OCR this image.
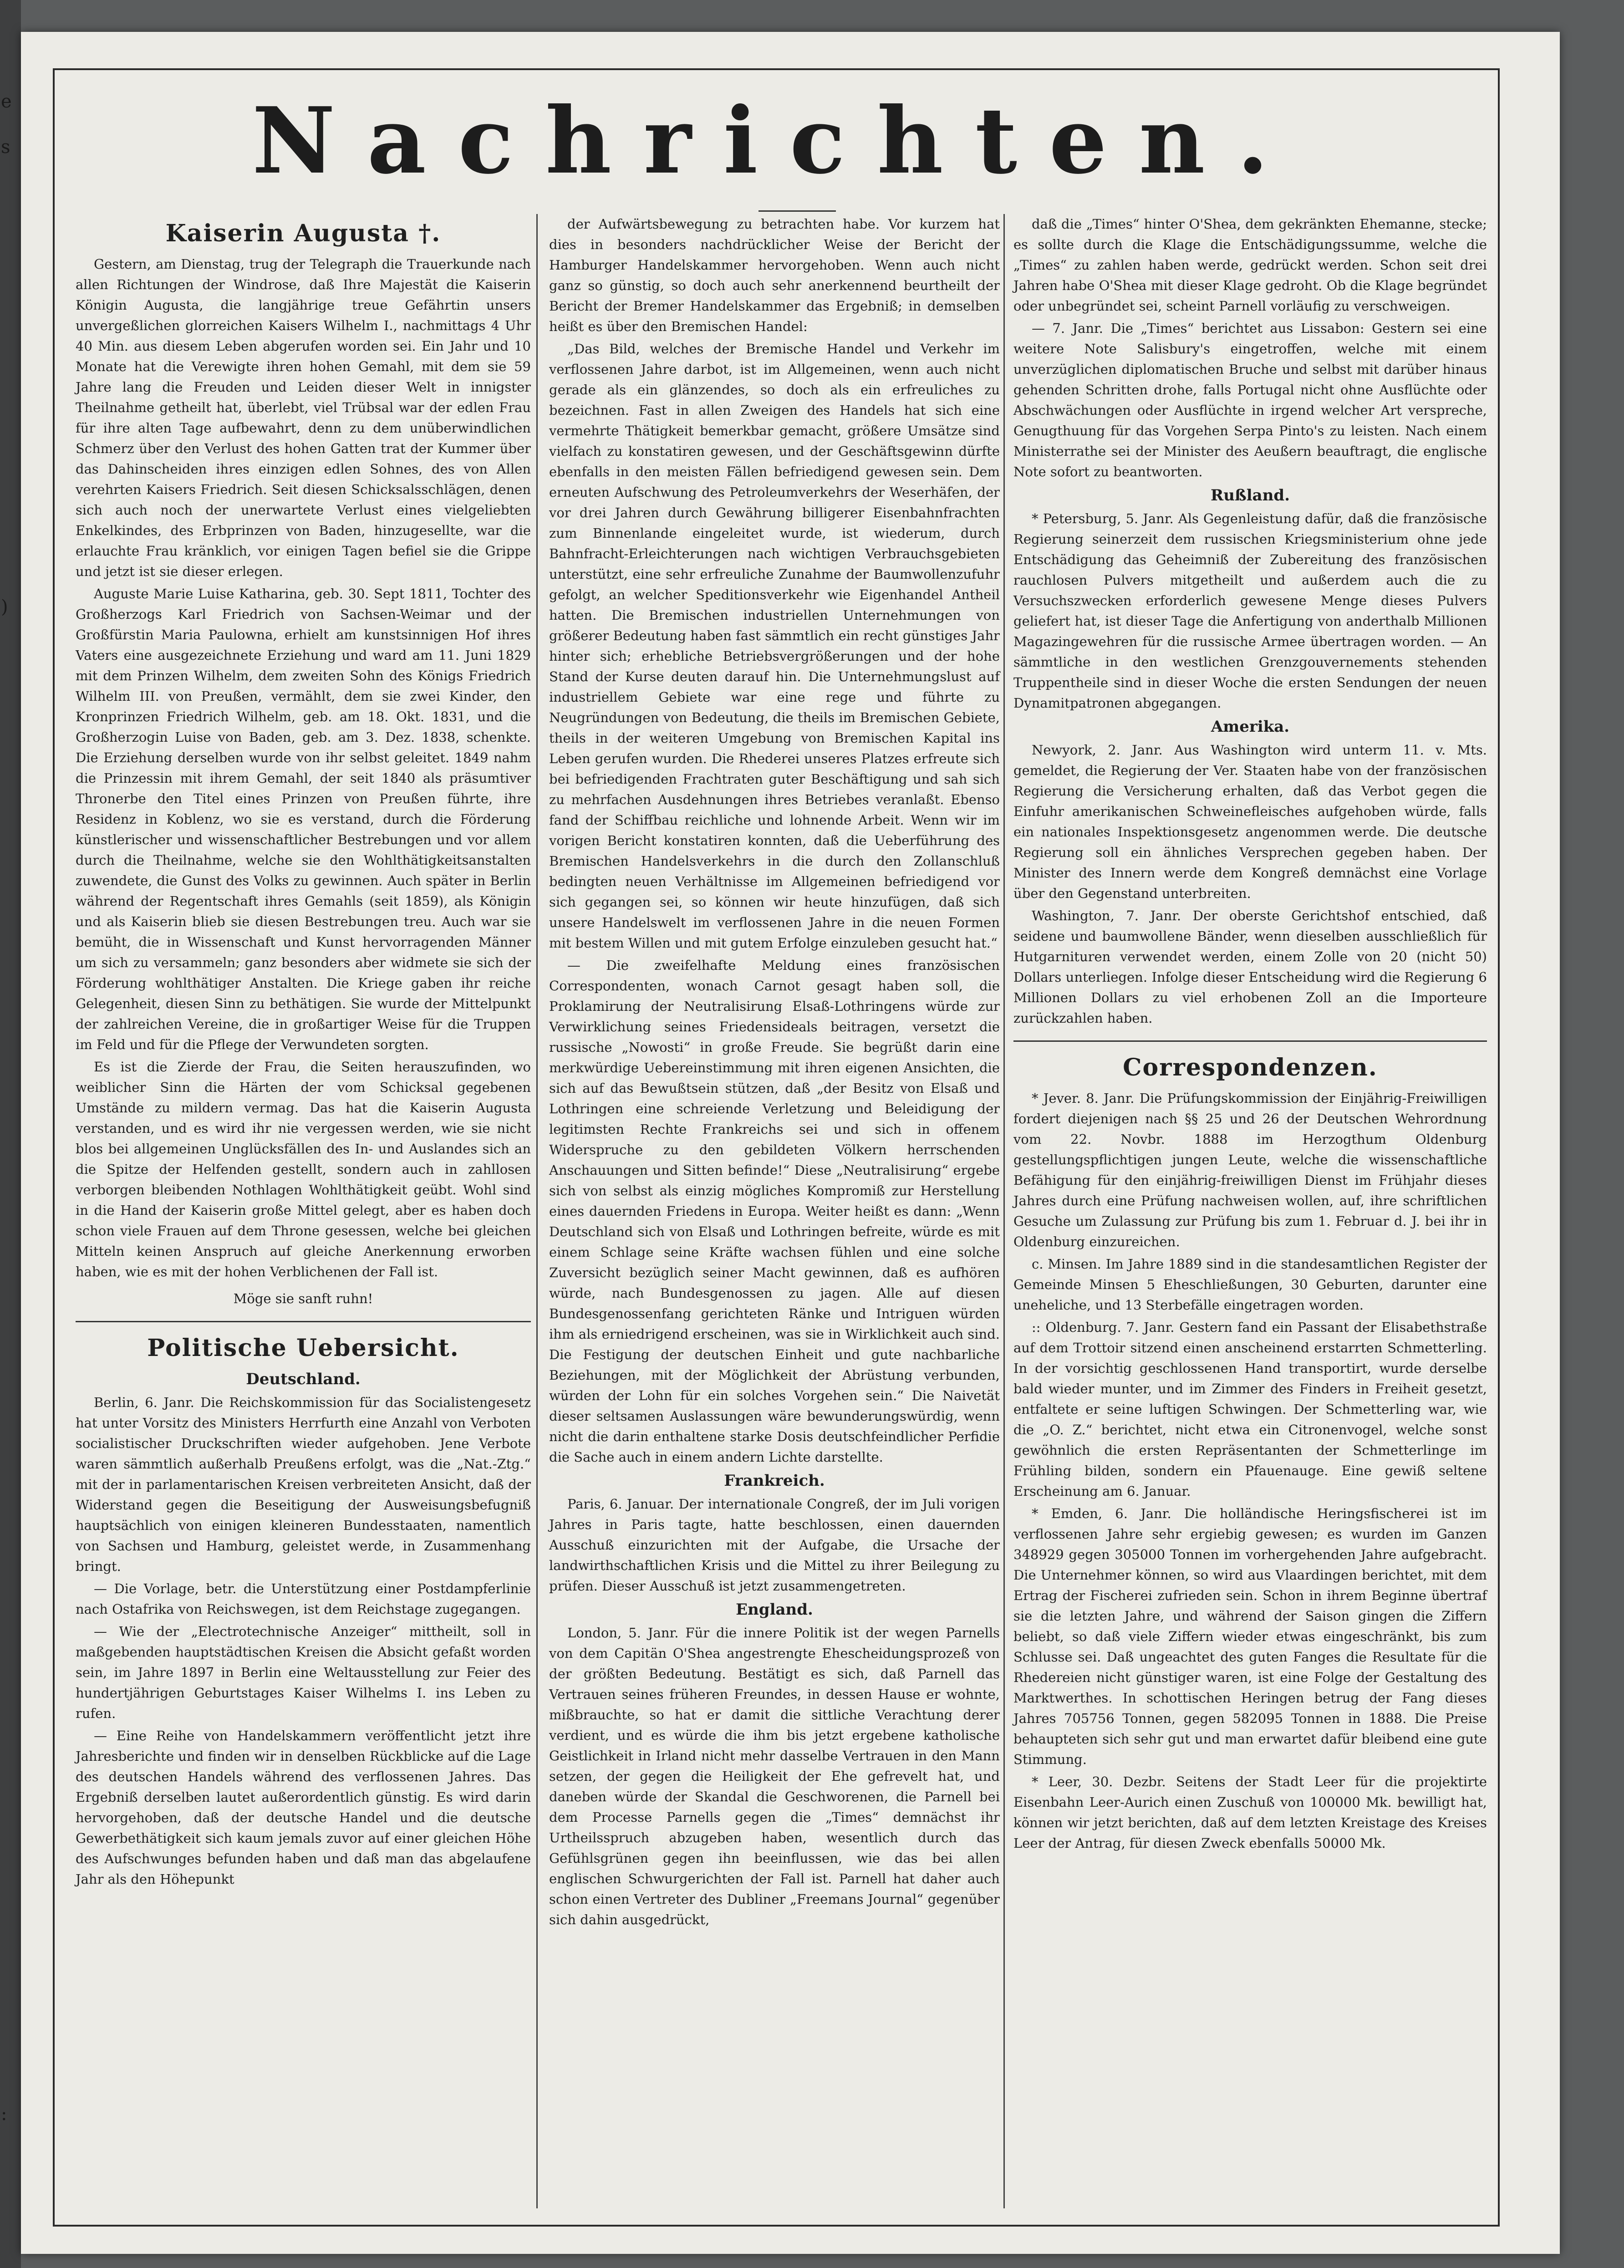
e
s
)
:
Nachrichten.
Kaiserin Augusta †.

Gestern, am Dienstag, trug der Telegraph die Trauerkunde nach allen Richtungen der Windrose, daß Ihre Majestät die Kaiserin Königin Augusta, die langjährige treue Gefährtin unsers unvergeßlichen glorreichen Kaisers Wilhelm I., nachmittags 4 Uhr 40 Min. aus diesem Leben abgerufen worden sei. Ein Jahr und 10 Monate hat die Verewigte ihren hohen Gemahl, mit dem sie 59 Jahre lang die Freuden und Leiden dieser Welt in innigster Theilnahme getheilt hat, überlebt, viel Trübsal war der edlen Frau für ihre alten Tage aufbewahrt, denn zu dem unüberwindlichen Schmerz über den Verlust des hohen Gatten trat der Kummer über das Dahinscheiden ihres einzigen edlen Sohnes, des von Allen verehrten Kaisers Friedrich. Seit diesen Schicksalsschlägen, denen sich auch noch der unerwartete Verlust eines vielgeliebten Enkelkindes, des Erbprinzen von Baden, hinzugesellte, war die erlauchte Frau kränklich, vor einigen Tagen befiel sie die Grippe und jetzt ist sie dieser erlegen.

Auguste Marie Luise Katharina, geb. 30. Sept 1811, Tochter des Großherzogs Karl Friedrich von Sachsen-Weimar und der Großfürstin Maria Paulowna, erhielt am kunstsinnigen Hof ihres Vaters eine ausgezeichnete Erziehung und ward am 11. Juni 1829 mit dem Prinzen Wilhelm, dem zweiten Sohn des Königs Friedrich Wilhelm III. von Preußen, vermählt, dem sie zwei Kinder, den Kronprinzen Friedrich Wilhelm, geb. am 18. Okt. 1831, und die Großherzogin Luise von Baden, geb. am 3. Dez. 1838, schenkte. Die Erziehung derselben wurde von ihr selbst geleitet. 1849 nahm die Prinzessin mit ihrem Gemahl, der seit 1840 als präsumtiver Thronerbe den Titel eines Prinzen von Preußen führte, ihre Residenz in Koblenz, wo sie es verstand, durch die Förderung künstlerischer und wissenschaftlicher Bestrebungen und vor allem durch die Theilnahme, welche sie den Wohlthätigkeitsanstalten zuwendete, die Gunst des Volks zu gewinnen. Auch später in Berlin während der Regentschaft ihres Gemahls (seit 1859), als Königin und als Kaiserin blieb sie diesen Bestrebungen treu. Auch war sie bemüht, die in Wissenschaft und Kunst hervorragenden Männer um sich zu versammeln; ganz besonders aber widmete sie sich der Förderung wohlthätiger Anstalten. Die Kriege gaben ihr reiche Gelegenheit, diesen Sinn zu bethätigen. Sie wurde der Mittelpunkt der zahlreichen Vereine, die in großartiger Weise für die Truppen im Feld und für die Pflege der Verwundeten sorgten.

Es ist die Zierde der Frau, die Seiten herauszufinden, wo weiblicher Sinn die Härten der vom Schicksal gegebenen Umstände zu mildern vermag. Das hat die Kaiserin Augusta verstanden, und es wird ihr nie vergessen werden, wie sie nicht blos bei allgemeinen Unglücksfällen des In- und Auslandes sich an die Spitze der Helfenden gestellt, sondern auch in zahllosen verborgen bleibenden Nothlagen Wohlthätigkeit geübt. Wohl sind in die Hand der Kaiserin große Mittel gelegt, aber es haben doch schon viele Frauen auf dem Throne gesessen, welche bei gleichen Mitteln keinen Anspruch auf gleiche Anerkennung erworben haben, wie es mit der hohen Verblichenen der Fall ist.

Möge sie sanft ruhn!

Politische Uebersicht.
Deutschland.

Berlin, 6. Janr. Die Reichskommission für das Socialistengesetz hat unter Vorsitz des Ministers Herrfurth eine Anzahl von Verboten socialistischer Druckschriften wieder aufgehoben. Jene Verbote waren sämmtlich außerhalb Preußens erfolgt, was die „Nat.-Ztg.“ mit der in parlamentarischen Kreisen verbreiteten Ansicht, daß der Widerstand gegen die Beseitigung der Ausweisungsbefugniß hauptsächlich von einigen kleineren Bundesstaaten, namentlich von Sachsen und Hamburg, geleistet werde, in Zusammenhang bringt.

— Die Vorlage, betr. die Unterstützung einer Postdampferlinie nach Ostafrika von Reichswegen, ist dem Reichstage zugegangen.

— Wie der „Electrotechnische Anzeiger“ mittheilt, soll in maßgebenden hauptstädtischen Kreisen die Absicht gefaßt worden sein, im Jahre 1897 in Berlin eine Weltausstellung zur Feier des hundertjährigen Geburtstages Kaiser Wilhelms I. ins Leben zu rufen.

— Eine Reihe von Handelskammern veröffentlicht jetzt ihre Jahresberichte und finden wir in denselben Rückblicke auf die Lage des deutschen Handels während des verflossenen Jahres. Das Ergebniß derselben lautet außerordentlich günstig. Es wird darin hervorgehoben, daß der deutsche Handel und die deutsche Gewerbethätigkeit sich kaum jemals zuvor auf einer gleichen Höhe des Aufschwunges befunden haben und daß man das abgelaufene Jahr als den Höhepunkt

der Aufwärtsbewegung zu betrachten habe. Vor kurzem hat dies in besonders nachdrücklicher Weise der Bericht der Hamburger Handelskammer hervorgehoben. Wenn auch nicht ganz so günstig, so doch auch sehr anerkennend beurtheilt der Bericht der Bremer Handelskammer das Ergebniß; in demselben heißt es über den Bremischen Handel:

„Das Bild, welches der Bremische Handel und Verkehr im verflossenen Jahre darbot, ist im Allgemeinen, wenn auch nicht gerade als ein glänzendes, so doch als ein erfreuliches zu bezeichnen. Fast in allen Zweigen des Handels hat sich eine vermehrte Thätigkeit bemerkbar gemacht, größere Umsätze sind vielfach zu konstatiren gewesen, und der Geschäftsgewinn dürfte ebenfalls in den meisten Fällen befriedigend gewesen sein. Dem erneuten Aufschwung des Petroleumverkehrs der Weserhäfen, der vor drei Jahren durch Gewährung billigerer Eisenbahnfrachten zum Binnenlande eingeleitet wurde, ist wiederum, durch Bahnfracht-Erleichterungen nach wichtigen Verbrauchsgebieten unterstützt, eine sehr erfreuliche Zunahme der Baumwollenzufuhr gefolgt, an welcher Speditionsverkehr wie Eigenhandel Antheil hatten. Die Bremischen industriellen Unternehmungen von größerer Bedeutung haben fast sämmtlich ein recht günstiges Jahr hinter sich; erhebliche Betriebsvergrößerungen und der hohe Stand der Kurse deuten darauf hin. Die Unternehmungslust auf industriellem Gebiete war eine rege und führte zu Neugründungen von Bedeutung, die theils im Bremischen Gebiete, theils in der weiteren Umgebung von Bremischen Kapital ins Leben gerufen wurden. Die Rhederei unseres Platzes erfreute sich bei befriedigenden Frachtraten guter Beschäftigung und sah sich zu mehrfachen Ausdehnungen ihres Betriebes veranlaßt. Ebenso fand der Schiffbau reichliche und lohnende Arbeit. Wenn wir im vorigen Bericht konstatiren konnten, daß die Ueberführung des Bremischen Handelsverkehrs in die durch den Zollanschluß bedingten neuen Verhältnisse im Allgemeinen befriedigend vor sich gegangen sei, so können wir heute hinzufügen, daß sich unsere Handelswelt im verflossenen Jahre in die neuen Formen mit bestem Willen und mit gutem Erfolge einzuleben gesucht hat.“

— Die zweifelhafte Meldung eines französischen Correspondenten, wonach Carnot gesagt haben soll, die Proklamirung der Neutralisirung Elsaß-Lothringens würde zur Verwirklichung seines Friedensideals beitragen, versetzt die russische „Nowosti“ in große Freude. Sie begrüßt darin eine merkwürdige Uebereinstimmung mit ihren eigenen Ansichten, die sich auf das Bewußtsein stützen, daß „der Besitz von Elsaß und Lothringen eine schreiende Verletzung und Beleidigung der legitimsten Rechte Frankreichs sei und sich in offenem Widerspruche zu den gebildeten Völkern herrschenden Anschauungen und Sitten befinde!“ Diese „Neutralisirung“ ergebe sich von selbst als einzig mögliches Kompromiß zur Herstellung eines dauernden Friedens in Europa. Weiter heißt es dann: „Wenn Deutschland sich von Elsaß und Lothringen befreite, würde es mit einem Schlage seine Kräfte wachsen fühlen und eine solche Zuversicht bezüglich seiner Macht gewinnen, daß es aufhören würde, nach Bundesgenossen zu jagen. Alle auf diesen Bundesgenossenfang gerichteten Ränke und Intriguen würden ihm als erniedrigend erscheinen, was sie in Wirklichkeit auch sind. Die Festigung der deutschen Einheit und gute nachbarliche Beziehungen, mit der Möglichkeit der Abrüstung verbunden, würden der Lohn für ein solches Vorgehen sein.“ Die Naivetät dieser seltsamen Auslassungen wäre bewunderungswürdig, wenn nicht die darin enthaltene starke Dosis deutschfeindlicher Perfidie die Sache auch in einem andern Lichte darstellte.

Frankreich.

Paris, 6. Januar. Der internationale Congreß, der im Juli vorigen Jahres in Paris tagte, hatte beschlossen, einen dauernden Ausschuß einzurichten mit der Aufgabe, die Ursache der landwirthschaftlichen Krisis und die Mittel zu ihrer Beilegung zu prüfen. Dieser Ausschuß ist jetzt zusammengetreten.

England.

London, 5. Janr. Für die innere Politik ist der wegen Parnells von dem Capitän O'Shea angestrengte Ehescheidungsprozeß von der größten Bedeutung. Bestätigt es sich, daß Parnell das Vertrauen seines früheren Freundes, in dessen Hause er wohnte, mißbrauchte, so hat er damit die sittliche Verachtung derer verdient, und es würde die ihm bis jetzt ergebene katholische Geistlichkeit in Irland nicht mehr dasselbe Vertrauen in den Mann setzen, der gegen die Heiligkeit der Ehe gefrevelt hat, und daneben würde der Skandal die Geschworenen, die Parnell bei dem Processe Parnells gegen die „Times“ demnächst ihr Urtheilsspruch abzugeben haben, wesentlich durch das Gefühlsgrünen gegen ihn beeinflussen, wie das bei allen englischen Schwurgerichten der Fall ist. Parnell hat daher auch schon einen Vertreter des Dubliner „Freemans Journal“ gegenüber sich dahin ausgedrückt,

daß die „Times“ hinter O'Shea, dem gekränkten Ehemanne, stecke; es sollte durch die Klage die Entschädigungssumme, welche die „Times“ zu zahlen haben werde, gedrückt werden. Schon seit drei Jahren habe O'Shea mit dieser Klage gedroht. Ob die Klage begründet oder unbegründet sei, scheint Parnell vorläufig zu verschweigen.

— 7. Janr. Die „Times“ berichtet aus Lissabon: Gestern sei eine weitere Note Salisbury's eingetroffen, welche mit einem unverzüglichen diplomatischen Bruche und selbst mit darüber hinaus gehenden Schritten drohe, falls Portugal nicht ohne Ausflüchte oder Abschwächungen oder Ausflüchte in irgend welcher Art verspreche, Genugthuung für das Vorgehen Serpa Pinto's zu leisten. Nach einem Ministerrathe sei der Minister des Aeußern beauftragt, die englische Note sofort zu beantworten.

Rußland.

* Petersburg, 5. Janr. Als Gegenleistung dafür, daß die französische Regierung seinerzeit dem russischen Kriegsministerium ohne jede Entschädigung das Geheimniß der Zubereitung des französischen rauchlosen Pulvers mitgetheilt und außerdem auch die zu Versuchszwecken erforderlich gewesene Menge dieses Pulvers geliefert hat, ist dieser Tage die Anfertigung von anderthalb Millionen Magazingewehren für die russische Armee übertragen worden. — An sämmtliche in den westlichen Grenzgouvernements stehenden Truppentheile sind in dieser Woche die ersten Sendungen der neuen Dynamitpatronen abgegangen.

Amerika.

Newyork, 2. Janr. Aus Washington wird unterm 11. v. Mts. gemeldet, die Regierung der Ver. Staaten habe von der französischen Regierung die Versicherung erhalten, daß das Verbot gegen die Einfuhr amerikanischen Schweinefleisches aufgehoben würde, falls ein nationales Inspektionsgesetz angenommen werde. Die deutsche Regierung soll ein ähnliches Versprechen gegeben haben. Der Minister des Innern werde dem Kongreß demnächst eine Vorlage über den Gegenstand unterbreiten.

Washington, 7. Janr. Der oberste Gerichtshof entschied, daß seidene und baumwollene Bänder, wenn dieselben ausschließlich für Hutgarnituren verwendet werden, einem Zolle von 20 (nicht 50) Dollars unterliegen. Infolge dieser Entscheidung wird die Regierung 6 Millionen Dollars zu viel erhobenen Zoll an die Importeure zurückzahlen haben.

Correspondenzen.

* Jever. 8. Janr. Die Prüfungskommission der Einjährig-Freiwilligen fordert diejenigen nach §§ 25 und 26 der Deutschen Wehrordnung vom 22. Novbr. 1888 im Herzogthum Oldenburg gestellungspflichtigen jungen Leute, welche die wissenschaftliche Befähigung für den einjährig-freiwilligen Dienst im Frühjahr dieses Jahres durch eine Prüfung nachweisen wollen, auf, ihre schriftlichen Gesuche um Zulassung zur Prüfung bis zum 1. Februar d. J. bei ihr in Oldenburg einzureichen.

c. Minsen. Im Jahre 1889 sind in die standesamtlichen Register der Gemeinde Minsen 5 Eheschließungen, 30 Geburten, darunter eine uneheliche, und 13 Sterbefälle eingetragen worden.

:: Oldenburg. 7. Janr. Gestern fand ein Passant der Elisabethstraße auf dem Trottoir sitzend einen anscheinend erstarrten Schmetterling. In der vorsichtig geschlossenen Hand transportirt, wurde derselbe bald wieder munter, und im Zimmer des Finders in Freiheit gesetzt, entfaltete er seine luftigen Schwingen. Der Schmetterling war, wie die „O. Z.“ berichtet, nicht etwa ein Citronenvogel, welche sonst gewöhnlich die ersten Repräsentanten der Schmetterlinge im Frühling bilden, sondern ein Pfauenauge. Eine gewiß seltene Erscheinung am 6. Januar.

* Emden, 6. Janr. Die holländische Heringsfischerei ist im verflossenen Jahre sehr ergiebig gewesen; es wurden im Ganzen 348929 gegen 305000 Tonnen im vorhergehenden Jahre aufgebracht. Die Unternehmer können, so wird aus Vlaardingen berichtet, mit dem Ertrag der Fischerei zufrieden sein. Schon in ihrem Beginne übertraf sie die letzten Jahre, und während der Saison gingen die Ziffern beliebt, so daß viele Ziffern wieder etwas eingeschränkt, bis zum Schlusse sei. Daß ungeachtet des guten Fanges die Resultate für die Rhedereien nicht günstiger waren, ist eine Folge der Gestaltung des Marktwerthes. In schottischen Heringen betrug der Fang dieses Jahres 705756 Tonnen, gegen 582095 Tonnen in 1888. Die Preise behaupteten sich sehr gut und man erwartet dafür bleibend eine gute Stimmung.

* Leer, 30. Dezbr. Seitens der Stadt Leer für die projektirte Eisenbahn Leer-Aurich einen Zuschuß von 100000 Mk. bewilligt hat, können wir jetzt berichten, daß auf dem letzten Kreistage des Kreises Leer der Antrag, für diesen Zweck ebenfalls 50000 Mk.
